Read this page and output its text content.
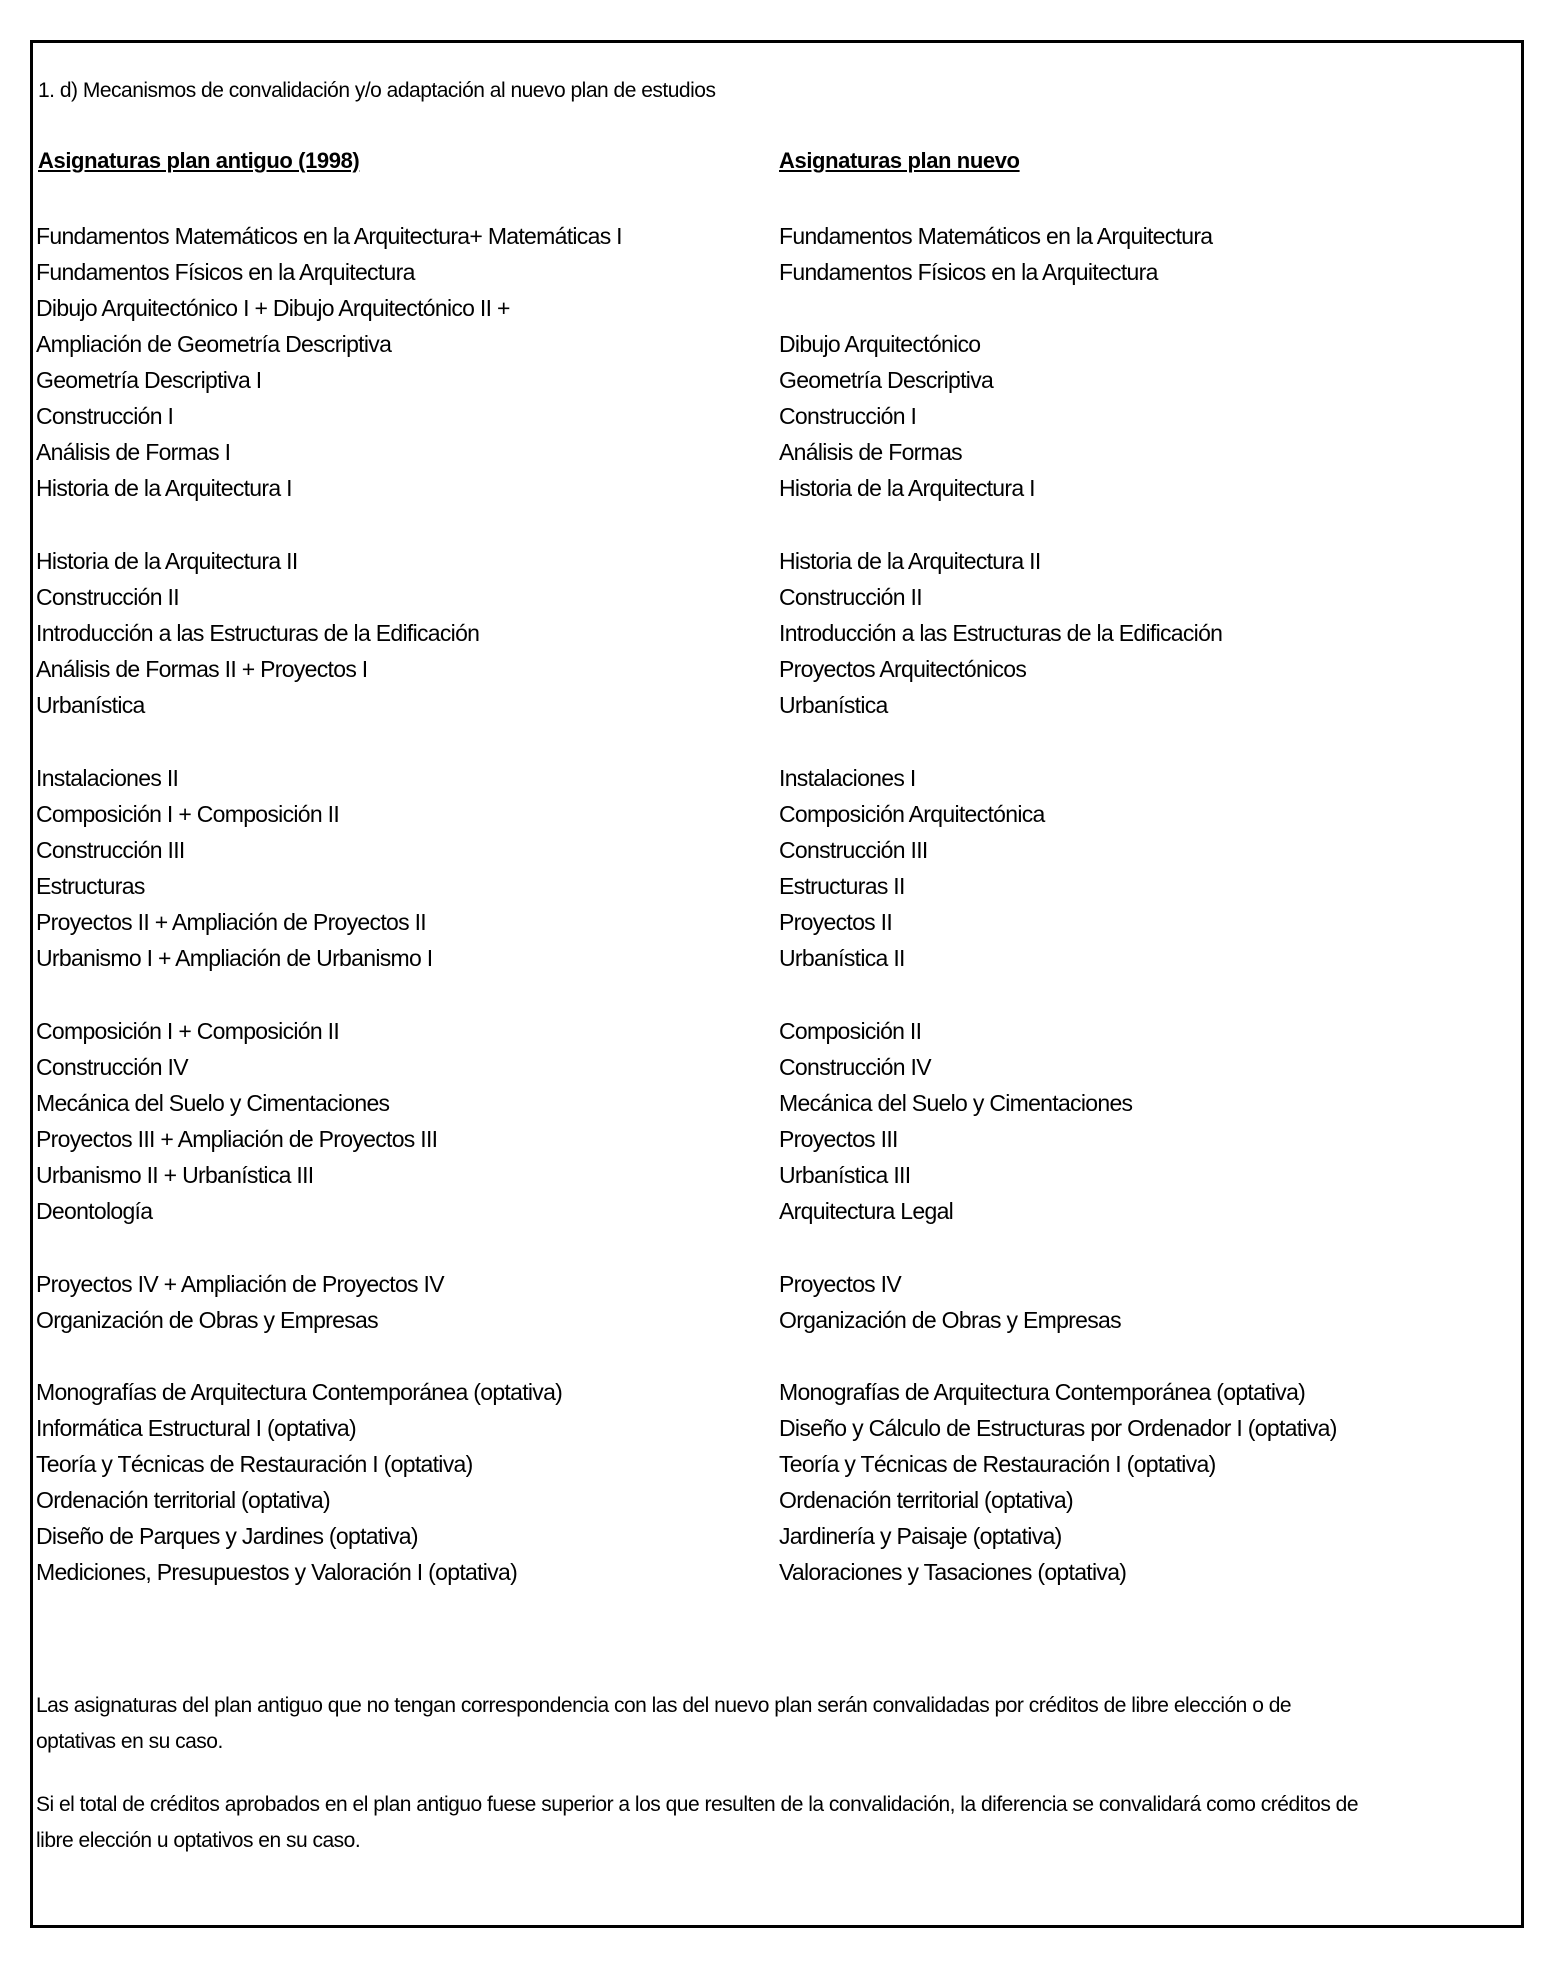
1. d) Mecanismos de convalidación y/o adaptación al nuevo plan de estudios
Asignaturas plan antiguo (1998)	Asignaturas plan nuevo
Fundamentos Matemáticos en la Arquitectura+ Matemáticas I	Fundamentos Matemáticos en la Arquitectura
Fundamentos Físicos en la Arquitectura	Fundamentos Físicos en la Arquitectura
Dibujo Arquitectónico I + Dibujo Arquitectónico II +
Ampliación de Geometría Descriptiva	Dibujo Arquitectónico
Geometría Descriptiva I	Geometría Descriptiva
Construcción I	Construcción I
Análisis de Formas I	Análisis de Formas
Historia de la Arquitectura I	Historia de la Arquitectura I
Historia de la Arquitectura II	Historia de la Arquitectura II
Construcción II	Construcción II
Introducción a las Estructuras de la Edificación	Introducción a las Estructuras de la Edificación
Análisis de Formas II + Proyectos I	Proyectos Arquitectónicos
Urbanística	Urbanística
Instalaciones II	Instalaciones I
Composición I + Composición II	Composición Arquitectónica
Construcción III	Construcción III
Estructuras	Estructuras II
Proyectos II + Ampliación de Proyectos II	Proyectos II
Urbanismo I + Ampliación de Urbanismo I	Urbanística II
Composición I + Composición II	Composición II
Construcción IV	Construcción IV
Mecánica del Suelo y Cimentaciones	Mecánica del Suelo y Cimentaciones
Proyectos III + Ampliación de Proyectos III	Proyectos III
Urbanismo II + Urbanística III	Urbanística III
Deontología	Arquitectura Legal
Proyectos IV + Ampliación de Proyectos IV	Proyectos IV
Organización de Obras y Empresas	Organización de Obras y Empresas
Monografías de Arquitectura Contemporánea (optativa)	Monografías de Arquitectura Contemporánea (optativa)
Informática Estructural I (optativa)	Diseño y Cálculo de Estructuras por Ordenador I (optativa)
Teoría y Técnicas de Restauración I (optativa)	Teoría y Técnicas de Restauración I (optativa)
Ordenación territorial (optativa)	Ordenación territorial (optativa)
Diseño de Parques y Jardines (optativa)	Jardinería y Paisaje (optativa)
Mediciones, Presupuestos y Valoración I (optativa)	Valoraciones y Tasaciones (optativa)
Las asignaturas del plan antiguo que no tengan correspondencia con las del nuevo plan serán convalidadas por créditos de libre elección o de optativas en su caso.
Si el total de créditos aprobados en el plan antiguo fuese superior a los que resulten de la convalidación, la diferencia se convalidará como créditos de libre elección u optativos en su caso.
